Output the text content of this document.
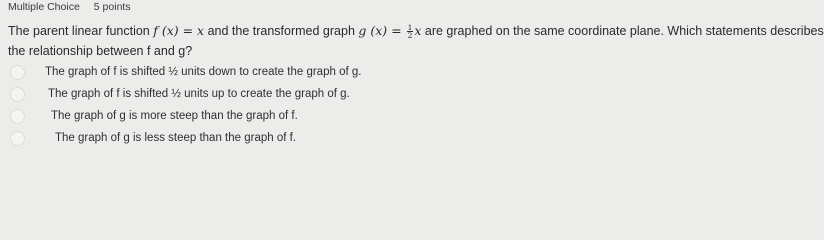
Multiple Choice 5 points
The parent linear function f (x) = x and the transformed graph g $(x) = \frac{1}{2}$ x are graphed on the same coordinate plane. Which statements describes
the relationship between f and g?
The graph of f is shifted ½ units down to create the graph of g.
The graph of f is shifted ½ units up to create the graph of g.
The graph of g is more steep than the graph of f.
The graph of g is less steep than the graph of f.
